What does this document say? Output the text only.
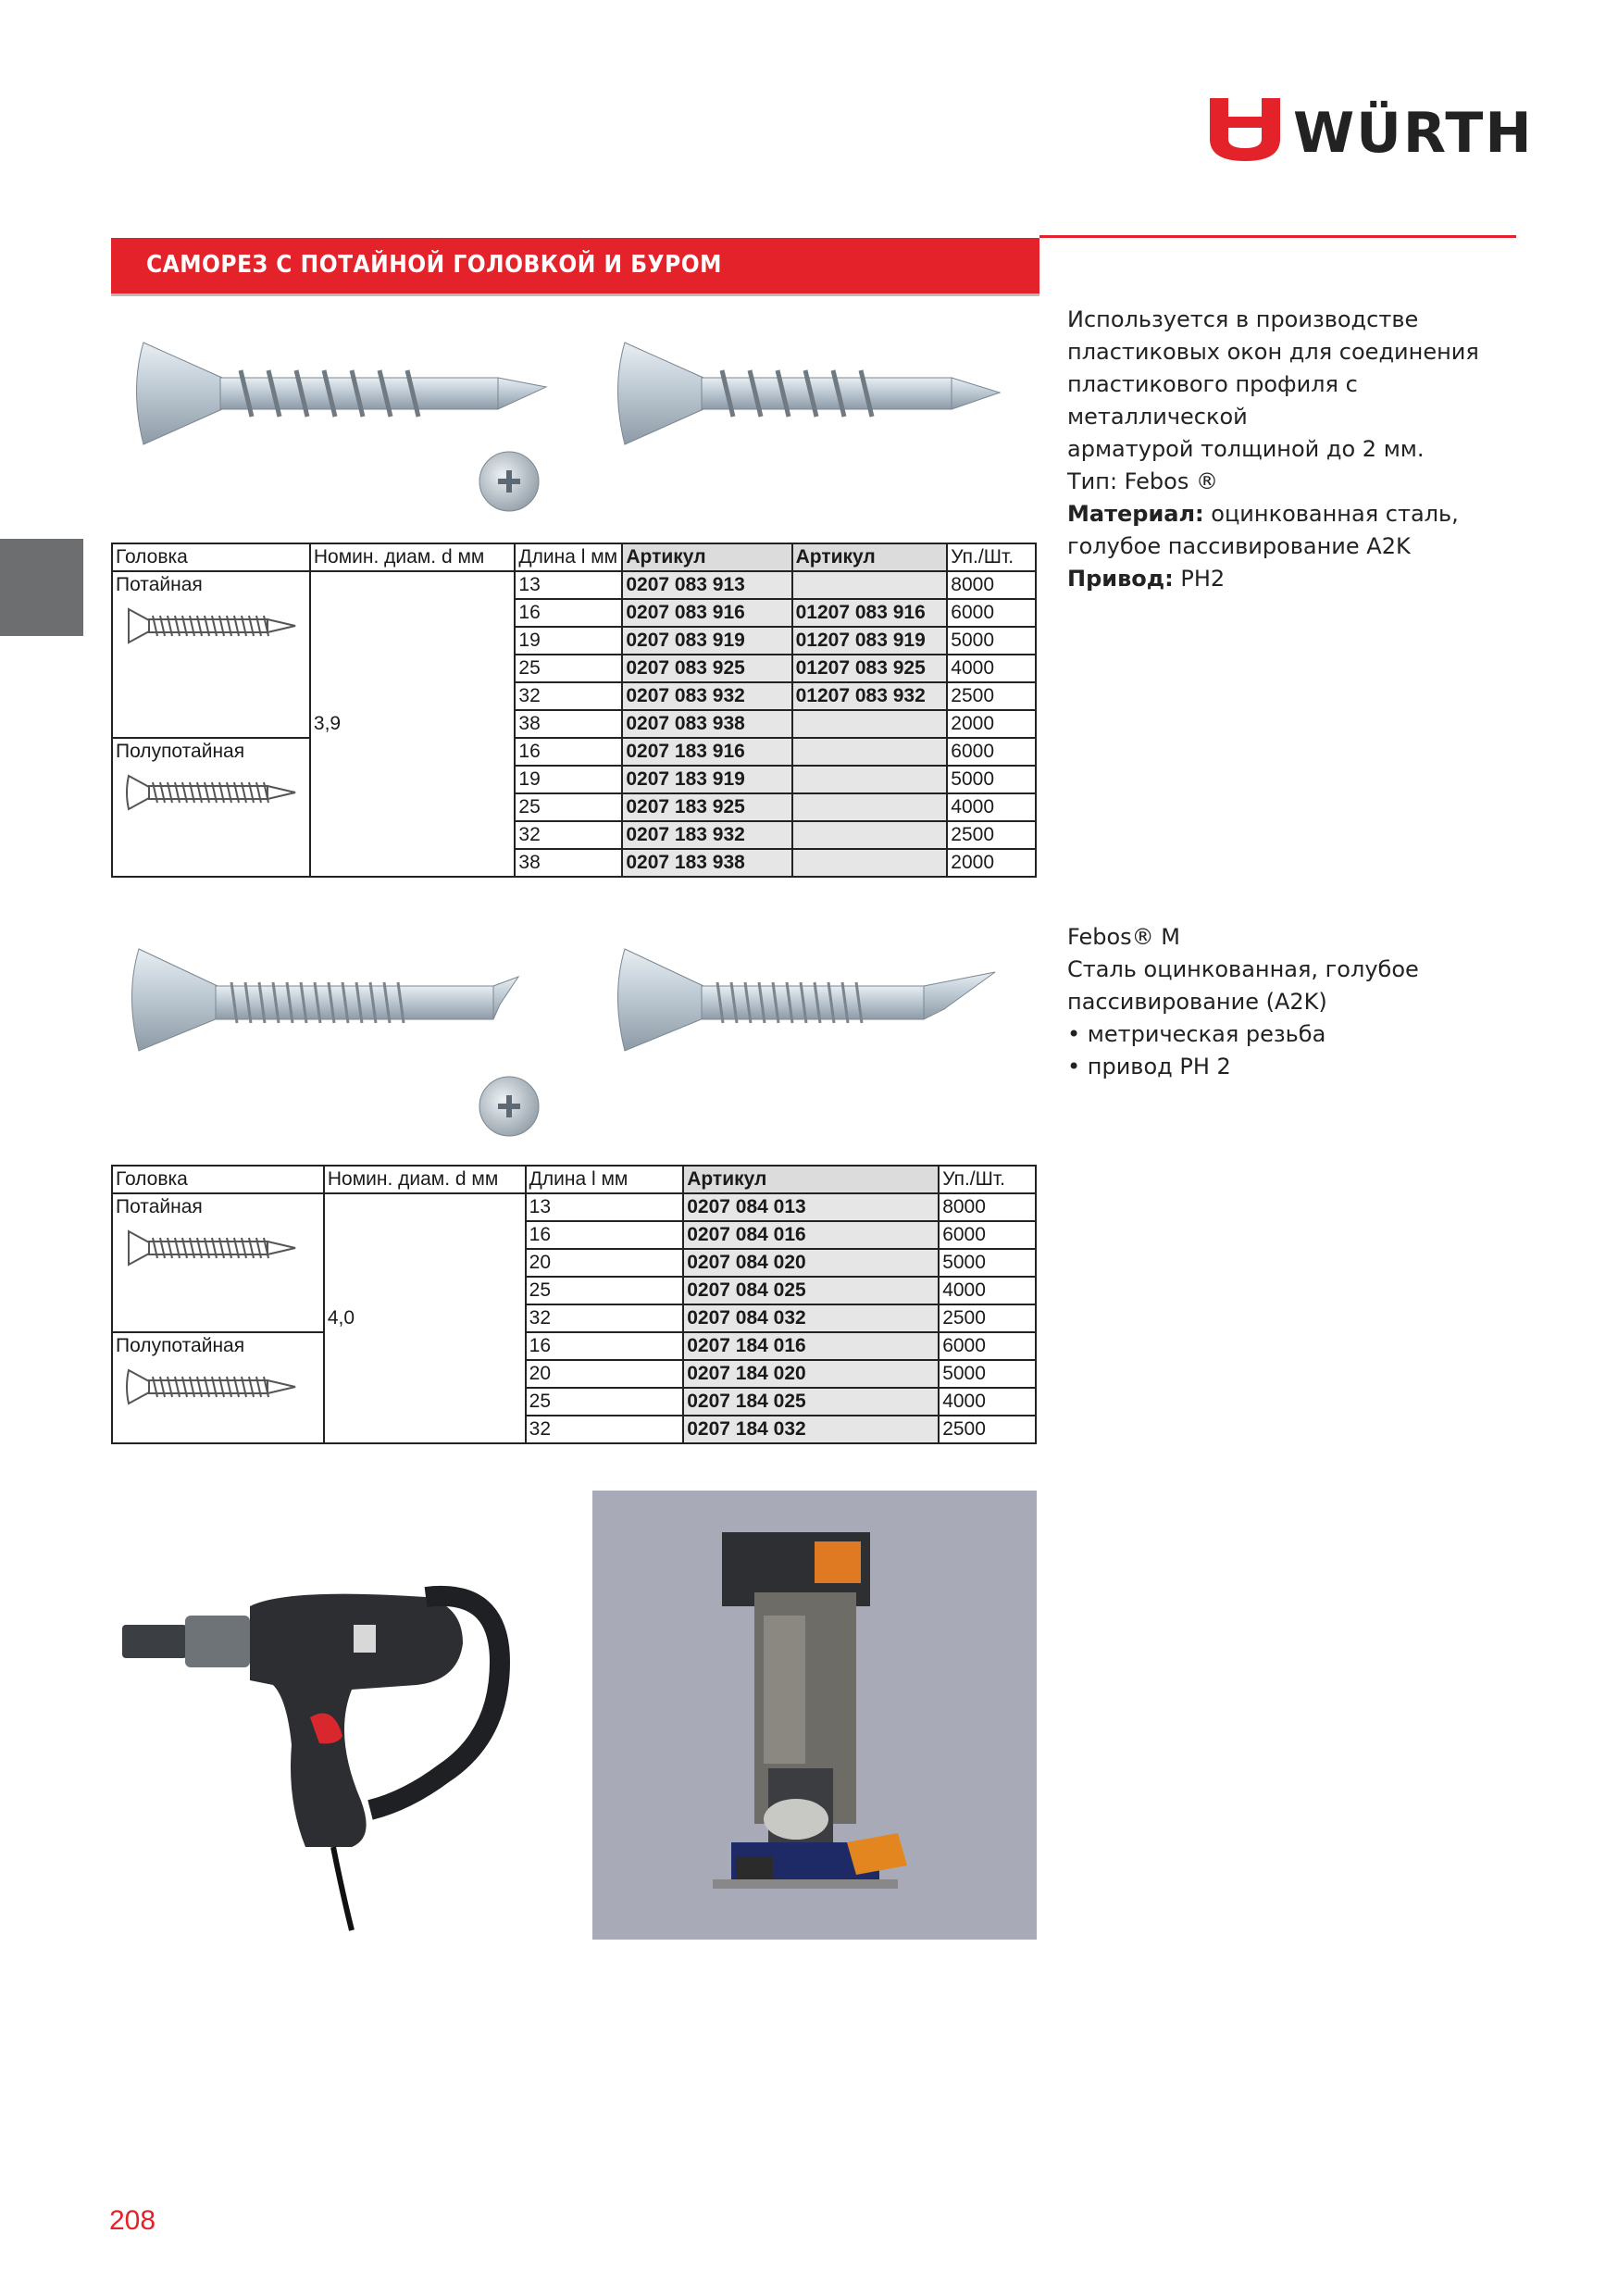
WÜRTH
САМОРЕЗ С ПОТАЙНОЙ ГОЛОВКОЙ И БУРОМ
Используется в производстве
пластиковых окон для соединения
пластикового профиля с металлической
арматурой толщиной до 2 мм.
Тип: Febos ®
Материал: оцинкованная сталь,
голубое пассивирование A2K
Привод: PH2
Головка	Номин. диам. d мм	Длина l мм	Артикул	Артикул	Уп./Шт.

Потайная	3,9	13	0207 083 913		8000
		16	0207 083 916	01207 083 916	6000
		19	0207 083 919	01207 083 919	5000
		25	0207 083 925	01207 083 925	4000
		32	0207 083 932	01207 083 932	2500
		38	0207 083 938		2000

Полупотайная		16	0207 183 916		6000
		19	0207 183 919		5000
		25	0207 183 925		4000
		32	0207 183 932		2500
		38	0207 183 938		2000
Febos® M
Сталь оцинкованная, голубое
пассивирование (A2K)
• метрическая резьба
• привод PH 2
Головка	Номин. диам. d мм	Длина l мм	Артикул	Уп./Шт.

Потайная	4,0	13	0207 084 013	8000
		16	0207 084 016	6000
		20	0207 084 020	5000
		25	0207 084 025	4000
		32	0207 084 032	2500

Полупотайная		16	0207 184 016	6000
		20	0207 184 020	5000
		25	0207 184 025	4000
		32	0207 184 032	2500
208
